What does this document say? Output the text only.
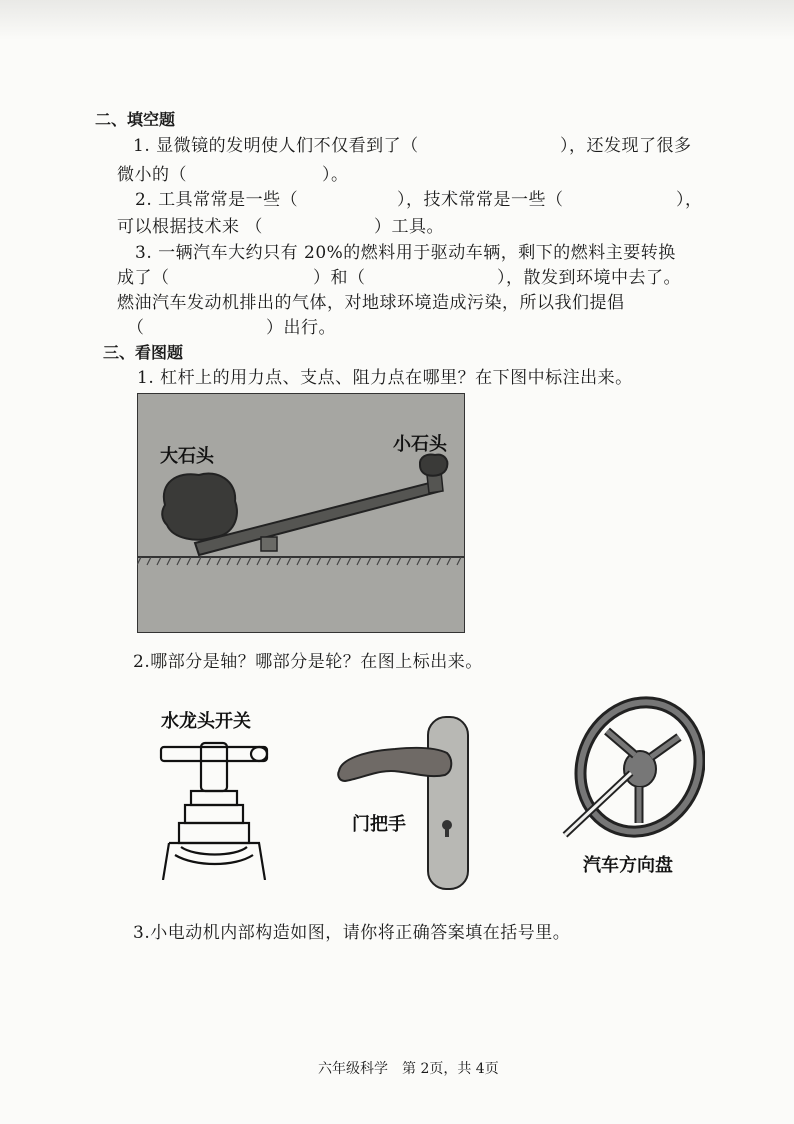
二、填空题
1. 显微镜的发明使人们不仅看到了（	），还发现了很多
微小的（	）。
2. 工具常常是一些（	），技术常常是一些（	），
可以根据技术来 （	）工具。
3. 一辆汽车大约只有 20%的燃料用于驱动车辆，剩下的燃料主要转换
成了（	）和（	），散发到环境中去了。
燃油汽车发动机排出的气体，对地球环境造成污染，所以我们提倡
（	）出行。
三、看图题
1. 杠杆上的用力点、支点、阻力点在哪里？在下图中标注出来。
大石头
小石头
2.哪部分是轴？哪部分是轮？在图上标出来。
水龙头开关
门把手
汽车方向盘
3.小电动机内部构造如图，请你将正确答案填在括号里。
六年级科学　第 2页，共 4页
